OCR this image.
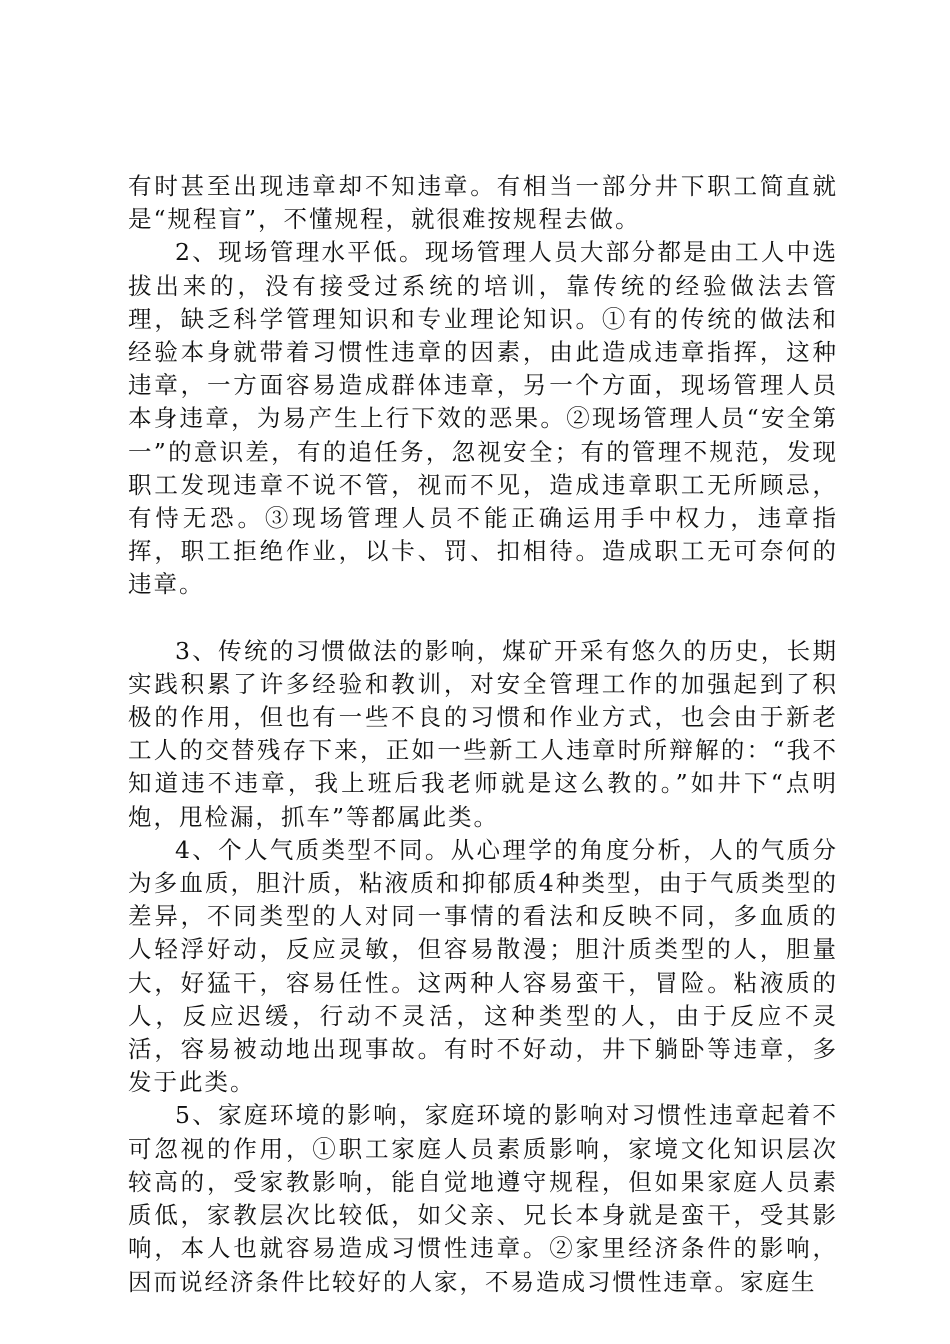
有时甚至出现违章却不知违章。有相当一部分井下职工简直就是“规程盲”，不懂规程，就很难按规程去做。

2、现场管理水平低。现场管理人员大部分都是由工人中选拔出来的，没有接受过系统的培训，靠传统的经验做法去管理，缺乏科学管理知识和专业理论知识。①有的传统的做法和经验本身就带着习惯性违章的因素，由此造成违章指挥，这种违章，一方面容易造成群体违章，另一个方面，现场管理人员本身违章，为易产生上行下效的恶果。②现场管理人员“安全第一”的意识差，有的追任务，忽视安全；有的管理不规范，发现职工发现违章不说不管，视而不见，造成违章职工无所顾忌，有恃无恐。③现场管理人员不能正确运用手中权力，违章指挥，职工拒绝作业，以卡、罚、扣相待。造成职工无可奈何的违章。

3、传统的习惯做法的影响，煤矿开采有悠久的历史，长期实践积累了许多经验和教训，对安全管理工作的加强起到了积极的作用，但也有一些不良的习惯和作业方式，也会由于新老工人的交替残存下来，正如一些新工人违章时所辩解的：“我不知道违不违章，我上班后我老师就是这么教的。”如井下“点明炮，甩检漏，抓车”等都属此类。

4、个人气质类型不同。从心理学的角度分析，人的气质分为多血质，胆汁质，粘液质和抑郁质4种类型，由于气质类型的差异，不同类型的人对同一事情的看法和反映不同，多血质的人轻浮好动，反应灵敏，但容易散漫；胆汁质类型的人，胆量大，好猛干，容易任性。这两种人容易蛮干，冒险。粘液质的人，反应迟缓，行动不灵活，这种类型的人，由于反应不灵活，容易被动地出现事故。有时不好动，井下躺卧等违章，多发于此类。

5、家庭环境的影响，家庭环境的影响对习惯性违章起着不可忽视的作用，①职工家庭人员素质影响，家境文化知识层次较高的，受家教影响，能自觉地遵守规程，但如果家庭人员素质低，家教层次比较低，如父亲、兄长本身就是蛮干，受其影响，本人也就容易造成习惯性违章。②家里经济条件的影响，因而说经济条件比较好的人家，不易造成习惯性违章。家庭生
